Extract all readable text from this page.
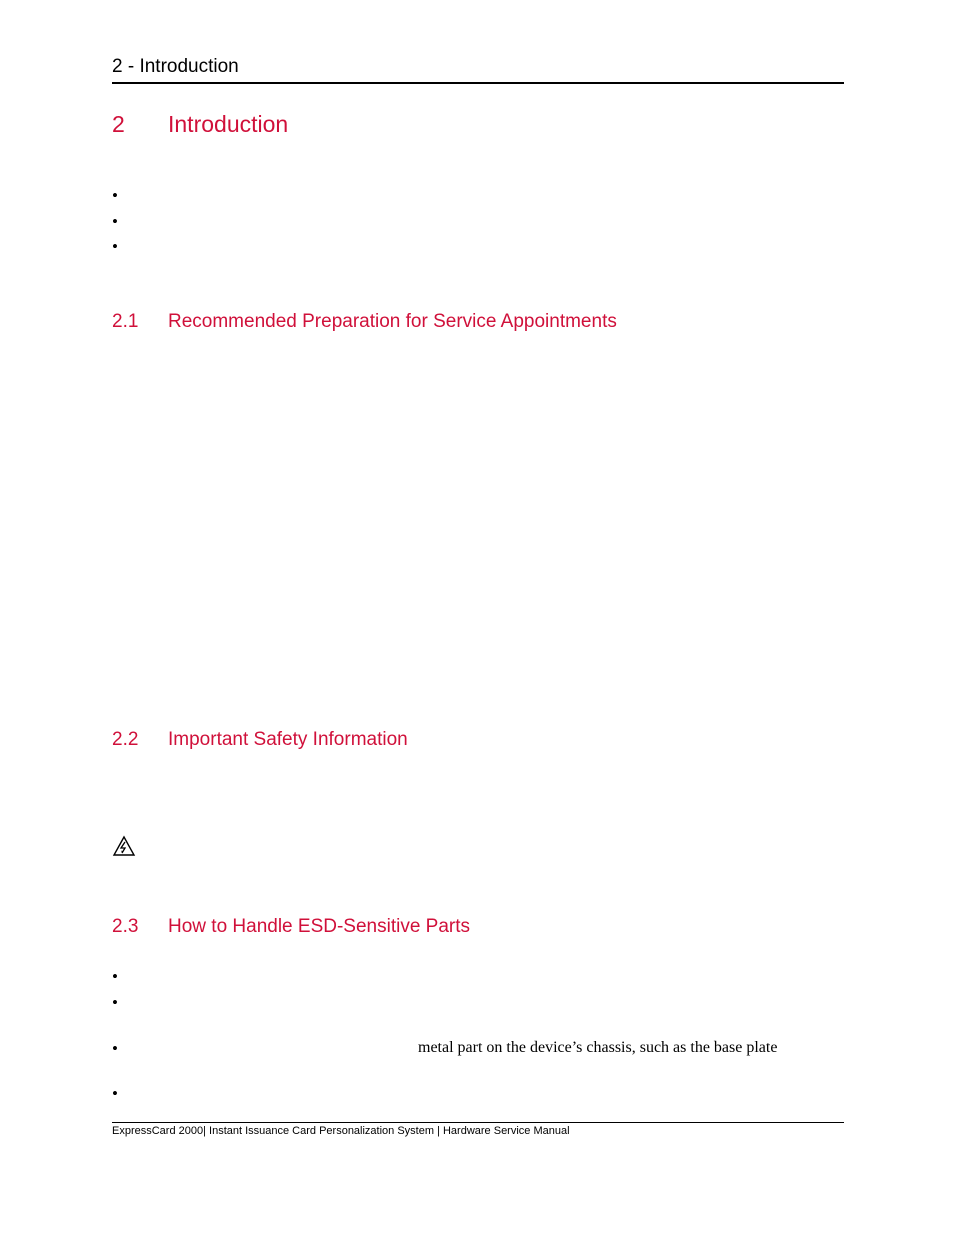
2 - Introduction
2 Introduction
•
•
•
2.1 Recommended Preparation for Service Appointments
2.2 Important Safety Information
2.3 How to Handle ESD-Sensitive Parts
•
•
•	metal part on the device’s chassis, such as the base plate
•
ExpressCard 2000| Instant Issuance Card Personalization System | Hardware Service Manual
